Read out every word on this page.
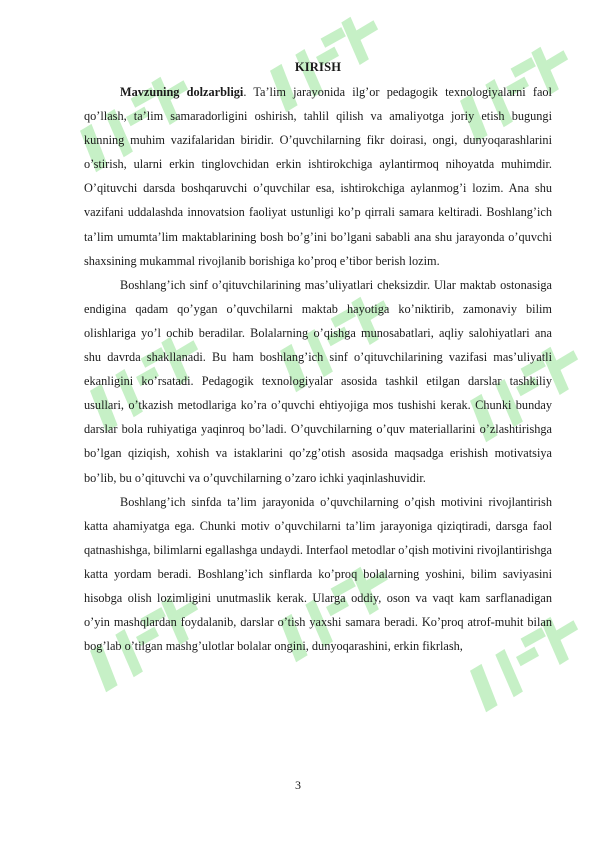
KIRISH

Mavzuning dolzarbligi. Ta’lim jarayonida ilg’or pedagogik texnologiyalarni faol qo’llash, ta’lim samaradorligini oshirish, tahlil qilish va amaliyotga joriy etish bugungi kunning muhim vazifalaridan biridir. O’quvchilarning fikr doirasi, ongi, dunyoqarashlarini o’stirish, ularni erkin tinglovchidan erkin ishtirokchiga aylantirmoq nihoyatda muhimdir. O’qituvchi darsda boshqaruvchi o’quvchilar esa, ishtirokchiga aylanmog’i lozim. Ana shu vazifani uddalashda innovatsion faoliyat ustunligi ko’p qirrali samara keltiradi. Boshlang’ich ta’lim umumta’lim maktablarining bosh bo’g’ini bo’lgani sababli ana shu jarayonda o’quvchi shaxsining mukammal rivojlanib borishiga ko’proq e’tibor berish lozim.

Boshlang’ich sinf o’qituvchilarining mas’uliyatlari cheksizdir. Ular maktab ostonasiga endigina qadam qo’ygan o’quvchilarni maktab hayotiga ko’niktirib, zamonaviy bilim olishlariga yo’l ochib beradilar. Bolalarning o’qishga munosabatlari, aqliy salohiyatlari ana shu davrda shakllanadi. Bu ham boshlang’ich sinf o’qituvchilarining vazifasi mas’uliyatli ekanligini ko’rsatadi. Pedagogik texnologiyalar asosida tashkil etilgan darslar tashkiliy usullari, o’tkazish metodlariga ko’ra o’quvchi ehtiyojiga mos tushishi kerak. Chunki bunday darslar bola ruhiyatiga yaqinroq bo’ladi. O’quvchilarning o’quv materiallarini o’zlashtirishga bo’lgan qiziqish, xohish va istaklarini qo’zg’otish asosida maqsadga erishish motivatsiya bo’lib, bu o’qituvchi va o’quvchilarning o’zaro ichki yaqinlashuvidir.

Boshlang’ich sinfda ta’lim jarayonida o’quvchilarning o’qish motivini rivojlantirish katta ahamiyatga ega. Chunki motiv o’quvchilarni ta’lim jarayoniga qiziqtiradi, darsga faol qatnashishga, bilimlarni egallashga undaydi. Interfaol metodlar o’qish motivini rivojlantirishga katta yordam beradi. Boshlang’ich sinflarda ko’proq bolalarning yoshini, bilim saviyasini hisobga olish lozimligini unutmaslik kerak. Ularga oddiy, oson va vaqt kam sarflanadigan o’yin mashqlardan foydalanib, darslar o’tish yaxshi samara beradi. Ko’proq atrof-muhit bilan bog’lab o’tilgan mashg’ulotlar bolalar ongini, dunyoqarashini, erkin fikrlash,

3
